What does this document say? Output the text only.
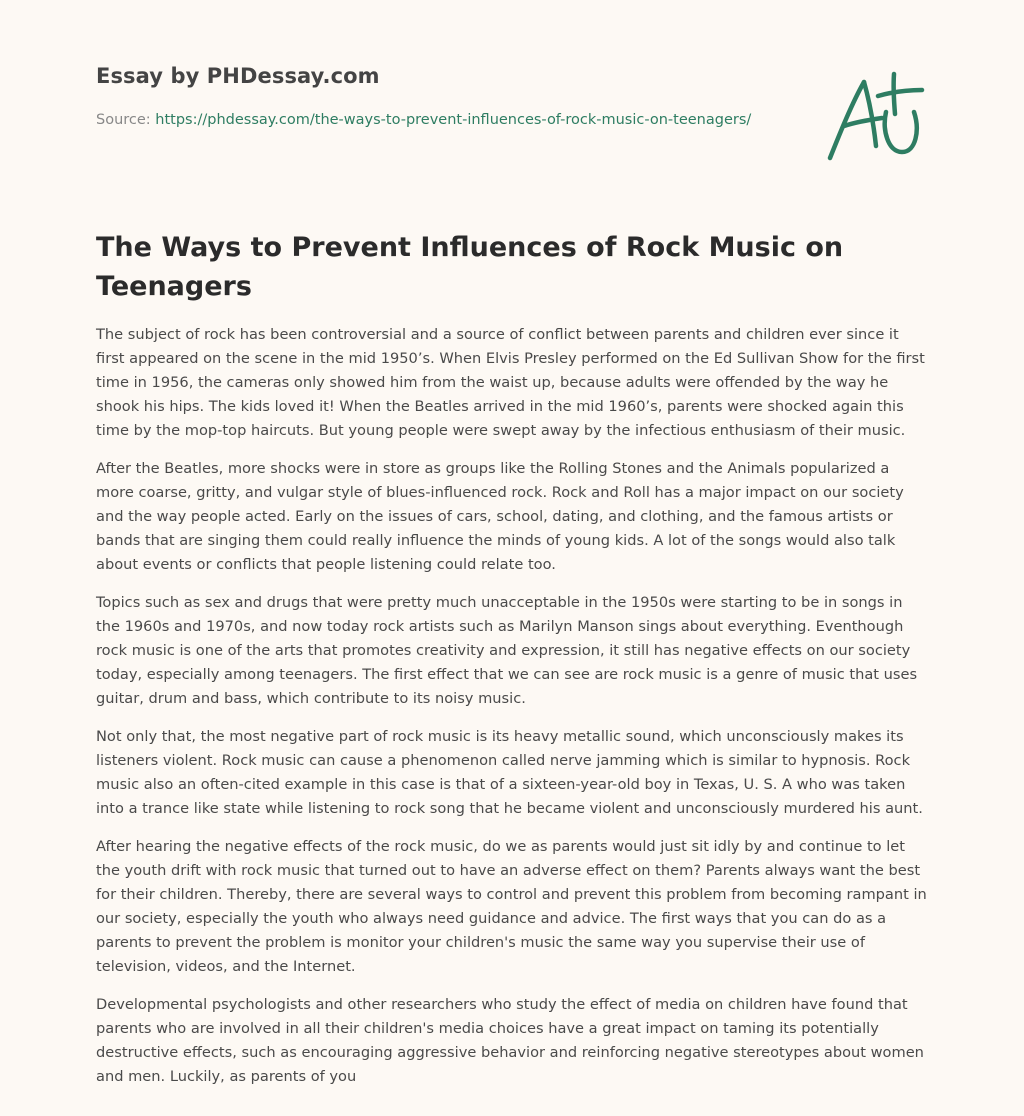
Essay by PHDessay.com
Source: https://phdessay.com/the-ways-to-prevent-influences-of-rock-music-on-teenagers/
The Ways to Prevent Influences of Rock Music on Teenagers

The subject of rock has been controversial and a source of conflict between parents and children ever since it first appeared on the scene in the mid 1950’s. When Elvis Presley performed on the Ed Sullivan Show for the first time in 1956, the cameras only showed him from the waist up, because adults were offended by the way he shook his hips. The kids loved it! When the Beatles arrived in the mid 1960’s, parents were shocked again this time by the mop-top haircuts. But young people were swept away by the infectious enthusiasm of their music.

After the Beatles, more shocks were in store as groups like the Rolling Stones and the Animals popularized a more coarse, gritty, and vulgar style of blues-influenced rock. Rock and Roll has a major impact on our society and the way people acted. Early on the issues of cars, school, dating, and clothing, and the famous artists or bands that are singing them could really influence the minds of young kids. A lot of the songs would also talk about events or conflicts that people listening could relate too.

Topics such as sex and drugs that were pretty much unacceptable in the 1950s were starting to be in songs in the 1960s and 1970s, and now today rock artists such as Marilyn Manson sings about everything. Eventhough rock music is one of the arts that promotes creativity and expression, it still has negative effects on our society today, especially among teenagers. The first effect that we can see are rock music is a genre of music that uses guitar, drum and bass, which contribute to its noisy music.

Not only that, the most negative part of rock music is its heavy metallic sound, which unconsciously makes its listeners violent. Rock music can cause a phenomenon called nerve jamming which is similar to hypnosis. Rock music also an often-cited example in this case is that of a sixteen-year-old boy in Texas, U. S. A who was taken into a trance like state while listening to rock song that he became violent and unconsciously murdered his aunt.

After hearing the negative effects of the rock music, do we as parents would just sit idly by and continue to let the youth drift with rock music that turned out to have an adverse effect on them? Parents always want the best for their children. Thereby, there are several ways to control and prevent this problem from becoming rampant in our society, especially the youth who always need guidance and advice. The first ways that you can do as a parents to prevent the problem is monitor your children's music the same way you supervise their use of television, videos, and the Internet.

Developmental psychologists and other researchers who study the effect of media on children have found that parents who are involved in all their children's media choices have a great impact on taming its potentially destructive effects, such as encouraging aggressive behavior and reinforcing negative stereotypes about women and men. Luckily, as parents of you
